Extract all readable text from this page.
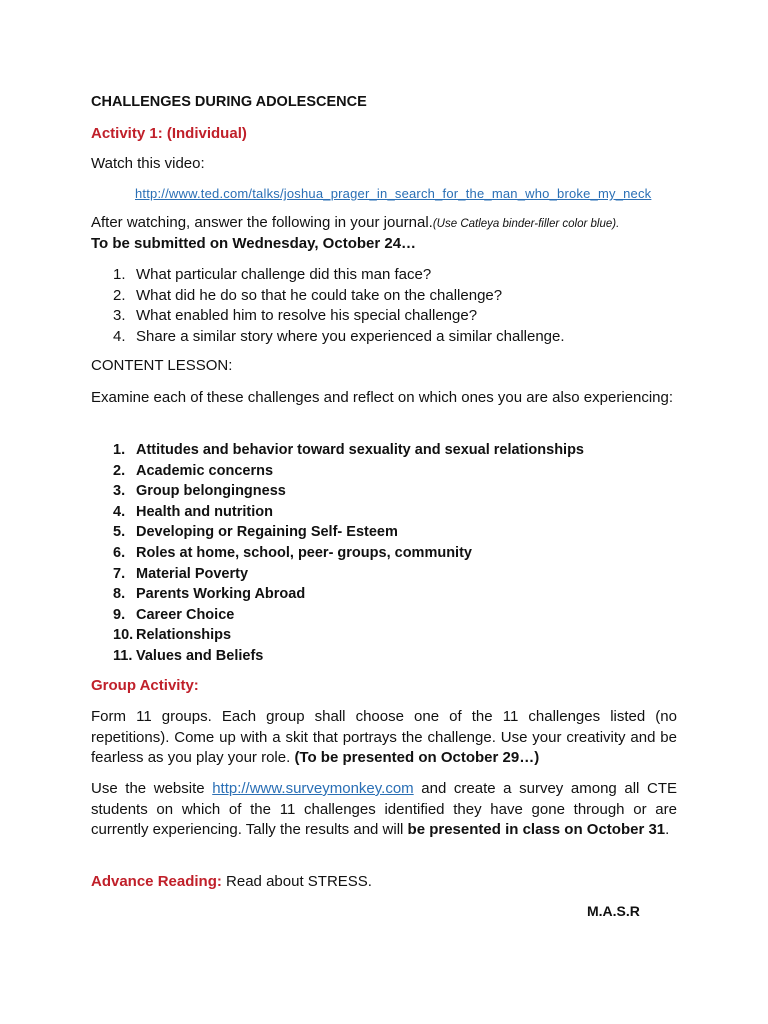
CHALLENGES DURING ADOLESCENCE
Activity 1: (Individual)
Watch this video:
http://www.ted.com/talks/joshua_prager_in_search_for_the_man_who_broke_my_neck
After watching, answer the following in your journal.(Use Catleya binder-filler color blue).
To be submitted on Wednesday, October 24…
1. What particular challenge did this man face?
2. What did he do so that he could take on the challenge?
3. What enabled him to resolve his special challenge?
4. Share a similar story where you experienced a similar challenge.
CONTENT LESSON:
Examine each of these challenges and reflect on which ones you are also experiencing:
1. Attitudes and behavior toward sexuality and sexual relationships
2. Academic concerns
3. Group belongingness
4. Health and nutrition
5. Developing or Regaining Self- Esteem
6. Roles at home, school, peer- groups, community
7. Material Poverty
8. Parents Working Abroad
9. Career Choice
10. Relationships
11. Values and Beliefs
Group Activity:
Form 11 groups. Each group shall choose one of the 11 challenges listed (no repetitions). Come up with a skit that portrays the challenge. Use your creativity and be fearless as you play your role. (To be presented on October 29…)
Use the website http://www.surveymonkey.com and create a survey among all CTE students on which of the 11 challenges identified they have gone through or are currently experiencing. Tally the results and will be presented in class on October 31.
Advance Reading: Read about STRESS.
M.A.S.R
